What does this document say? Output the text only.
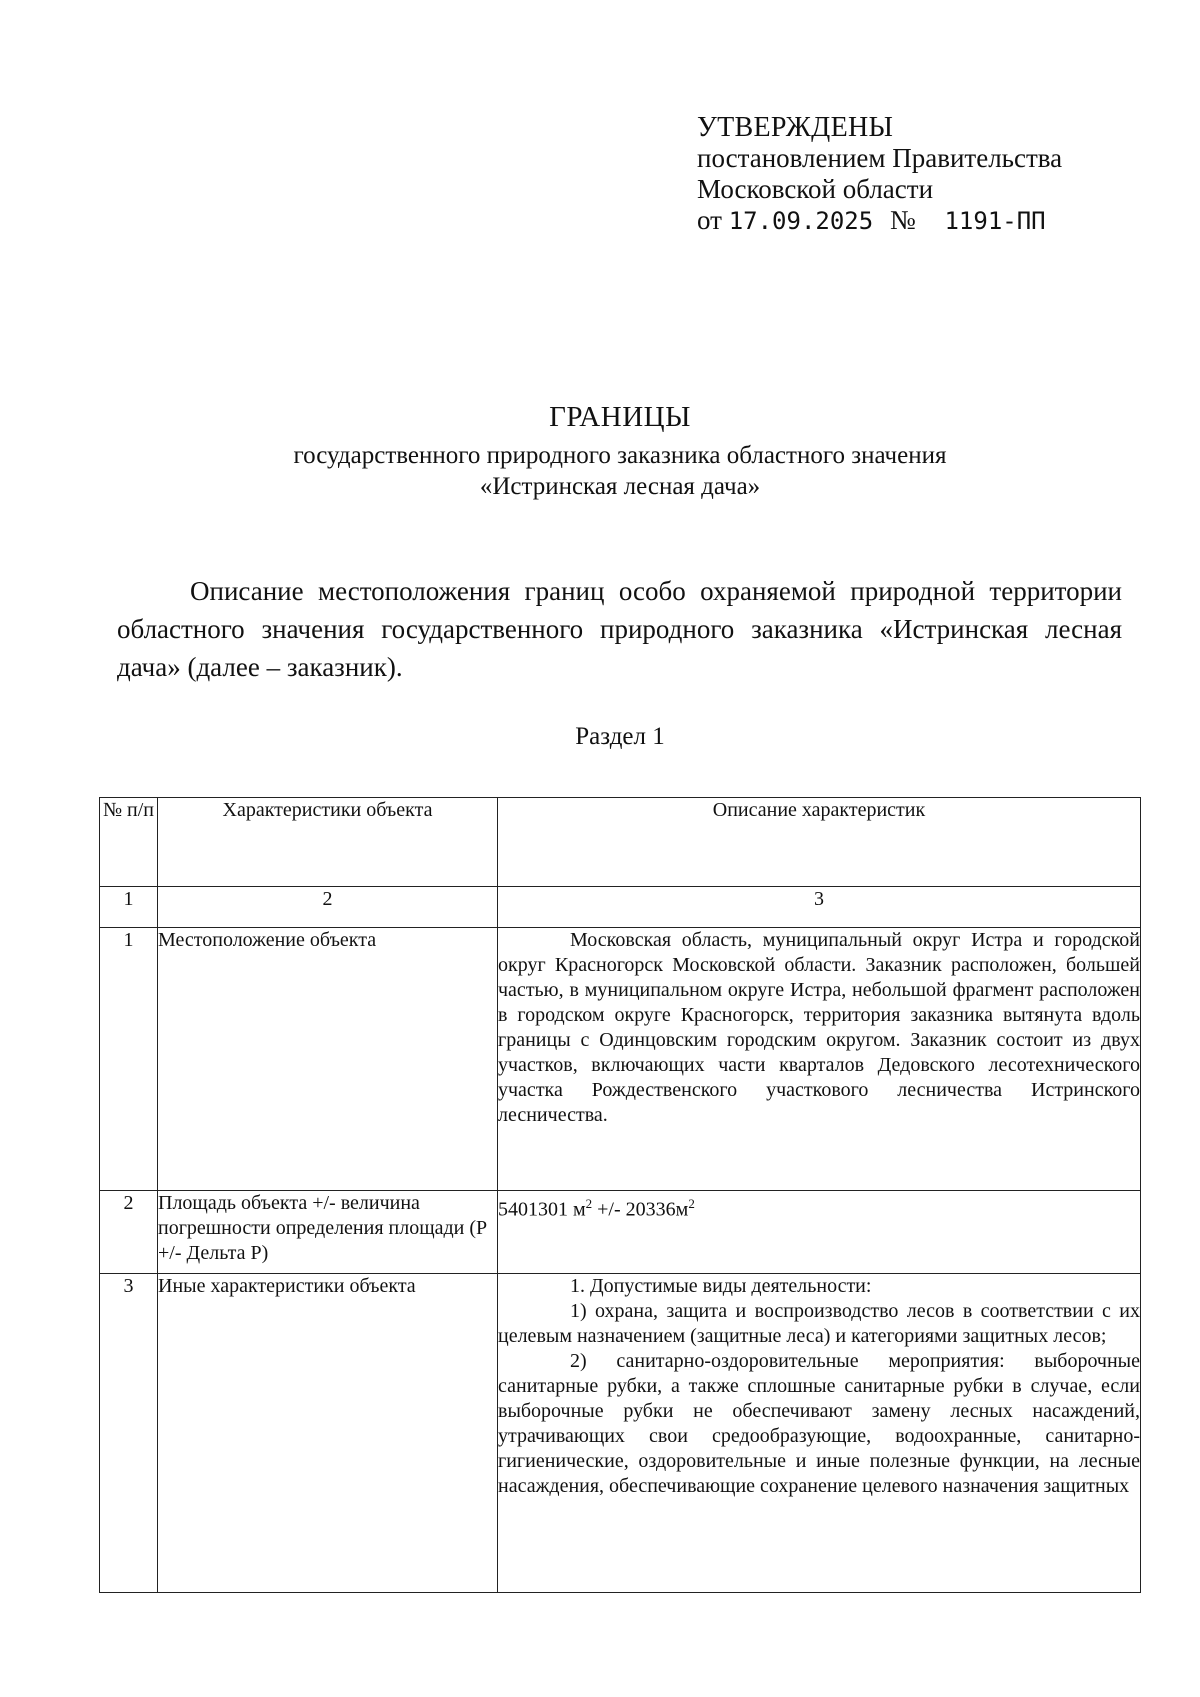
УТВЕРЖДЕНЫ
постановлением Правительства
Московской области
от 17.09.2025 № 1191-ПП
ГРАНИЦЫ
государственного природного заказника областного значения
«Истринская лесная дача»
Описание местоположения границ особо охраняемой природной территории областного значения государственного природного заказника «Истринская лесная дача» (далее – заказник).
Раздел 1
№ п/п	Характеристики объекта	Описание характеристик
1	2	3
1	Местоположение объекта	Московская область, муниципальный округ Истра и городской округ Красногорск Московской области. Заказник расположен, большей частью, в муниципальном округе Истра, небольшой фрагмент расположен в городском округе Красногорск, территория заказника вытянута вдоль границы с Одинцовским городским округом. Заказник состоит из двух участков, включающих части кварталов Дедовского лесотехнического участка Рождественского участкового лесничества Истринского лесничества.

2	Площадь объекта +/- величина погрешности определения площади (Р +/- Дельта Р)	5401301 $м^2$ +/- $20336м^2$

3	Иные характеристики объекта	1. Допустимые виды деятельности:

1) охрана, защита и воспроизводство лесов в соответствии с их целевым назначением (защитные леса) и категориями защитных лесов;

2) санитарно-оздоровительные мероприятия: выборочные санитарные рубки, а также сплошные санитарные рубки в случае, если выборочные рубки не обеспечивают замену лесных насаждений, утрачивающих свои средообразующие, водоохранные, санитарно-гигиенические, оздоровительные и иные полезные функции, на лесные насаждения, обеспечивающие сохранение целевого назначения защитных
